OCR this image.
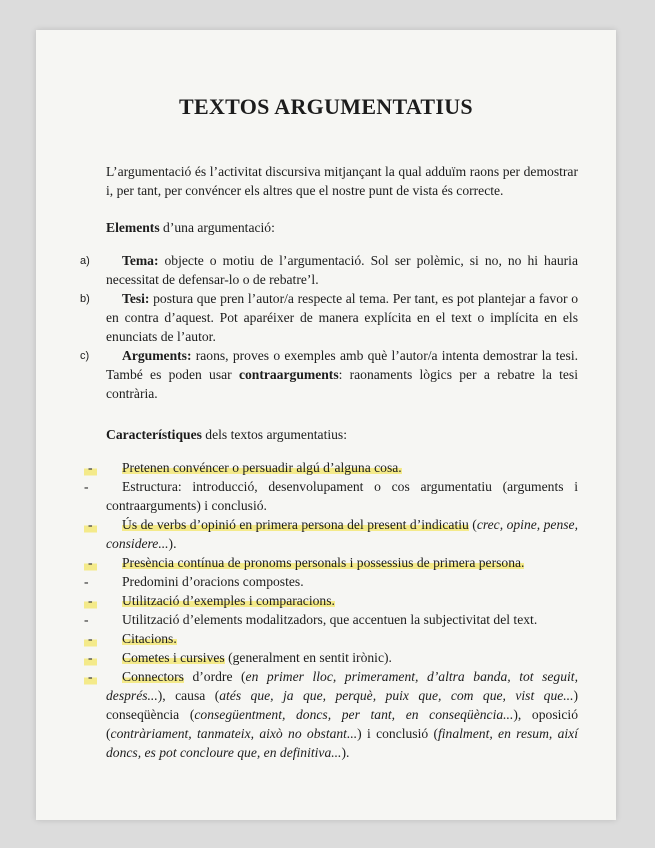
TEXTOS ARGUMENTATIUS

L’argumentació és l’activitat discursiva mitjançant la qual adduïm raons per demostrar i, per tant, per convéncer els altres que el nostre punt de vista és correcte.

Elements d’una argumentació:
a) Tema: objecte o motiu de l’argumentació. Sol ser polèmic, si no, no hi hauria necessitat de defensar-lo o de rebatre’l.
b) Tesi: postura que pren l’autor/a respecte al tema. Per tant, es pot plantejar a favor o en contra d’aquest. Pot aparéixer de manera explícita en el text o implícita en els enunciats de l’autor.
c) Arguments: raons, proves o exemples amb què l’autor/a intenta demostrar la tesi. També es poden usar contraarguments: raonaments lògics per a rebatre la tesi contrària.
Característiques dels textos argumentatius:
- Pretenen convéncer o persuadir algú d’alguna cosa.
- Estructura: introducció, desenvolupament o cos argumentatiu (arguments i contraarguments) i conclusió.
- Ús de verbs d’opinió en primera persona del present d’indicatiu (crec, opine, pense, considere...).
- Presència contínua de pronoms personals i possessius de primera persona.
- Predomini d’oracions compostes.
- Utilització d’exemples i comparacions.
- Utilització d’elements modalitzadors, que accentuen la subjectivitat del text.
- Citacions.
- Cometes i cursives (generalment en sentit irònic).
- Connectors d’ordre (en primer lloc, primerament, d’altra banda, tot seguit, després...), causa (atés que, ja que, perquè, puix que, com que, vist que...) conseqüència (consegüentment, doncs, per tant, en conseqüència...), oposició (contràriament, tanmateix, això no obstant...) i conclusió (finalment, en resum, així doncs, es pot concloure que, en definitiva...).
